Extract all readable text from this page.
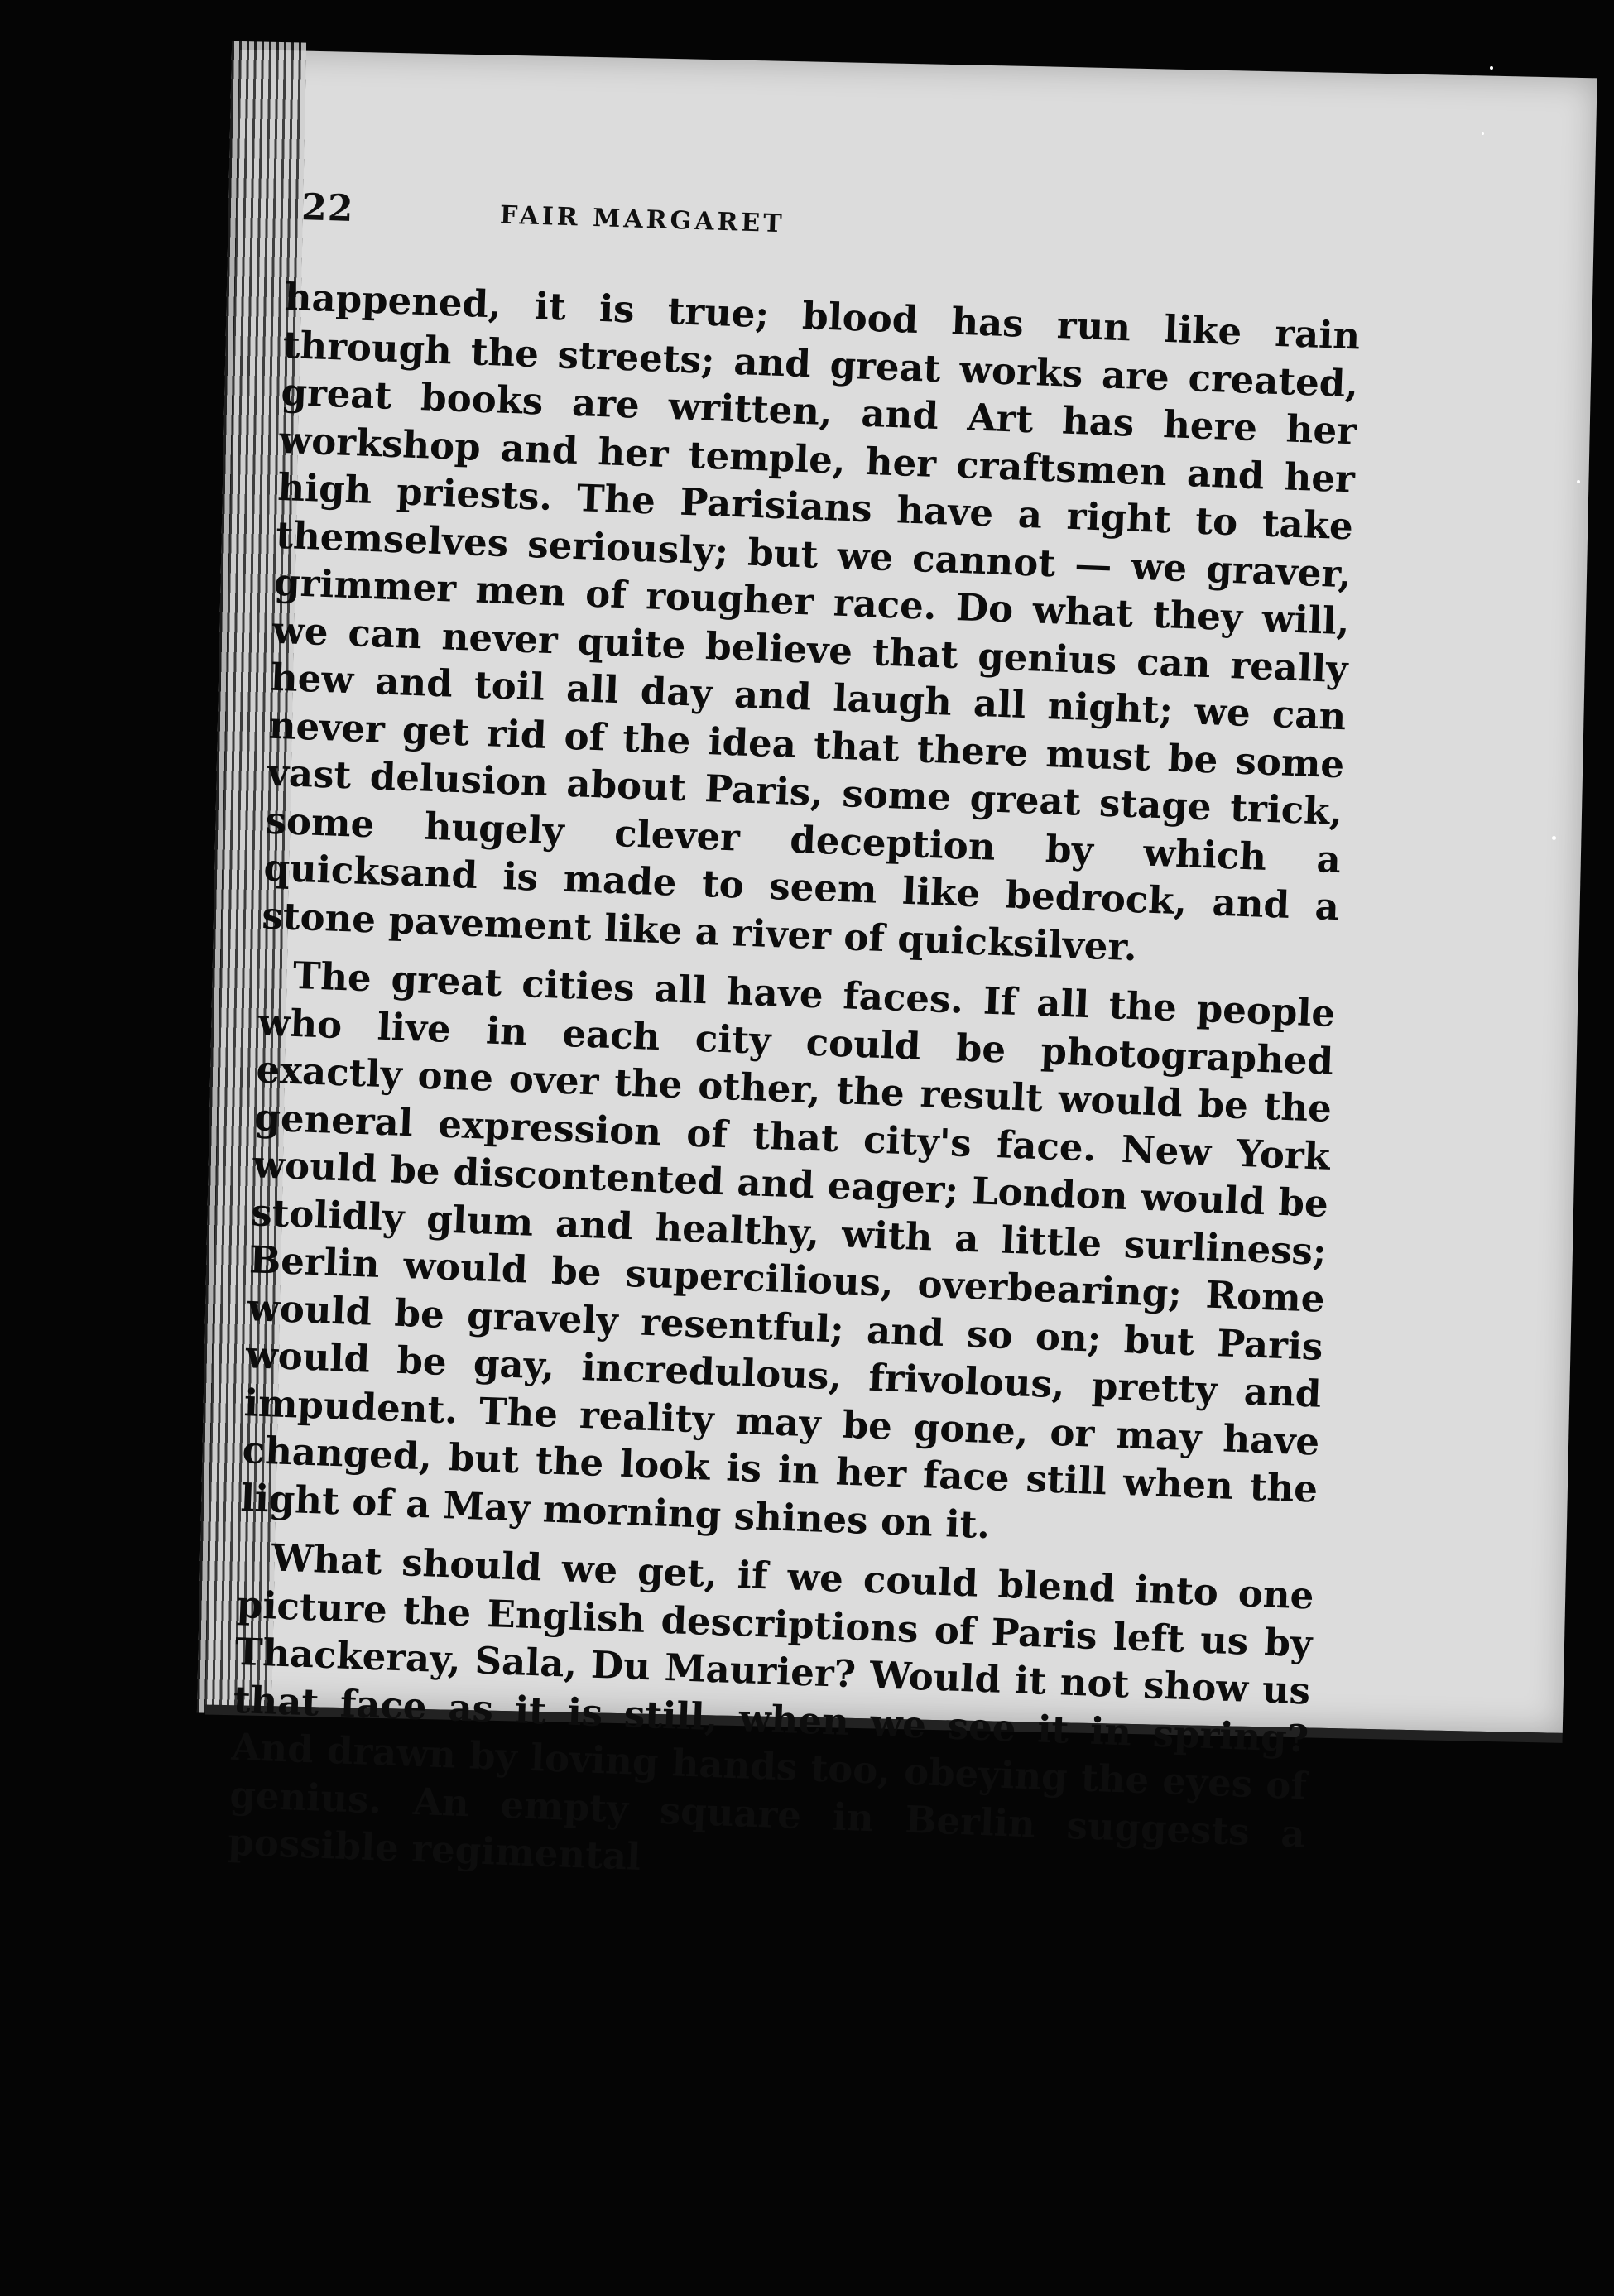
22	FAIR MARGARET

happened, it is true; blood has run like rain through the streets; and great works are created, great books are written, and Art has here her workshop and her temple, her craftsmen and her high priests. The Parisians have a right to take themselves seriously; but we cannot — we graver, grimmer men of rougher race. Do what they will, we can never quite believe that genius can really hew and toil all day and laugh all night; we can never get rid of the idea that there must be some vast delusion about Paris, some great stage trick, some hugely clever deception by which a quicksand is made to seem like bedrock, and a stone pavement like a river of quicksilver.

The great cities all have faces. If all the people who live in each city could be photographed exactly one over the other, the result would be the general expression of that city's face. New York would be discontented and eager; London would be stolidly glum and healthy, with a little surliness; Berlin would be supercilious, overbearing; Rome would be gravely resentful; and so on; but Paris would be gay, incredulous, frivolous, pretty and impudent. The reality may be gone, or may have changed, but the look is in her face still when the light of a May morning shines on it.

What should we get, if we could blend into one picture the English descriptions of Paris left us by Thackeray, Sala, Du Maurier? Would it not show us that face as it is still, when we see it in spring? And drawn by loving hands too, obeying the eyes of genius. An empty square in Berlin suggests a possible regimental
